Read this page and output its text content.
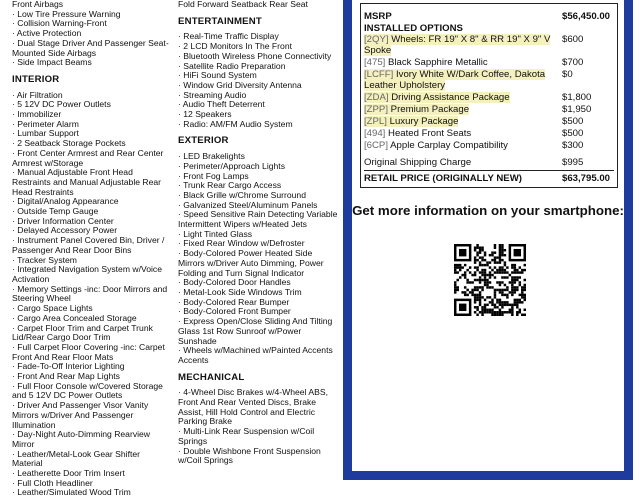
Front Airbags
· Low Tire Pressure Warning
· Collision Warning-Front
· Active Protection
· Dual Stage Driver And Passenger Seat-Mounted Side Airbags
· Side Impact Beams
INTERIOR
· Air Filtration
· 5 12V DC Power Outlets
· Immobilizer
· Perimeter Alarm
· Lumbar Support
· 2 Seatback Storage Pockets
· Front Center Armrest and Rear Center Armrest w/Storage
· Manual Adjustable Front Head Restraints and Manual Adjustable Rear Head Restraints
· Digital/Analog Appearance
· Outside Temp Gauge
· Driver Information Center
· Delayed Accessory Power
· Instrument Panel Covered Bin, Driver / Passenger And Rear Door Bins
· Tracker System
· Integrated Navigation System w/Voice Activation
· Memory Settings -inc: Door Mirrors and Steering Wheel
· Cargo Space Lights
· Cargo Area Concealed Storage
· Carpet Floor Trim and Carpet Trunk Lid/Rear Cargo Door Trim
· Full Carpet Floor Covering -inc: Carpet Front And Rear Floor Mats
· Fade-To-Off Interior Lighting
· Front And Rear Map Lights
· Full Floor Console w/Covered Storage and 5 12V DC Power Outlets
· Driver And Passenger Visor Vanity Mirrors w/Driver And Passenger Illumination
· Day-Night Auto-Dimming Rearview Mirror
· Leather/Metal-Look Gear Shifter Material
· Leatherette Door Trim Insert
· Full Cloth Headliner
· Leather/Simulated Wood Trim
Fold Forward Seatback Rear Seat
ENTERTAINMENT
· Real-Time Traffic Display
· 2 LCD Monitors In The Front
· Bluetooth Wireless Phone Connectivity
· Satellite Radio Preparation
· HiFi Sound System
· Window Grid Diversity Antenna
· Streaming Audio
· Audio Theft Deterrent
· 12 Speakers
· Radio: AM/FM Audio System
EXTERIOR
· LED Brakelights
· Perimeter/Approach Lights
· Front Fog Lamps
· Trunk Rear Cargo Access
· Black Grille w/Chrome Surround
· Galvanized Steel/Aluminum Panels
· Speed Sensitive Rain Detecting Variable Intermittent Wipers w/Heated Jets
· Light Tinted Glass
· Fixed Rear Window w/Defroster
· Body-Colored Power Heated Side Mirrors w/Driver Auto Dimming, Power Folding and Turn Signal Indicator
· Body-Colored Door Handles
· Metal-Look Side Windows Trim
· Body-Colored Rear Bumper
· Body-Colored Front Bumper
· Express Open/Close Sliding And Tilting Glass 1st Row Sunroof w/Power Sunshade
· Wheels w/Machined w/Painted Accents Accents
MECHANICAL
· 4-Wheel Disc Brakes w/4-Wheel ABS, Front And Rear Vented Discs, Brake Assist, Hill Hold Control and Electric Parking Brake
· Multi-Link Rear Suspension w/Coil Springs
· Double Wishbone Front Suspension w/Coil Springs
MSRP	$56,450.00
INSTALLED OPTIONS
[2QY] Wheels: FR 19" X 8" & RR 19" X 9" V Spoke
$600
[475] Black Sapphire Metallic	$700
[LCFF] Ivory White W/Dark Coffee, Dakota Leather Upholstery
$0
[ZDA] Driving Assistance Package	$1,800
[ZPP] Premium Package	$1,950
[ZPL] Luxury Package	$500
[494] Heated Front Seats	$500
[6CP] Apple Carplay Compatibility	$300
Original Shipping Charge	$995
RETAIL PRICE (ORIGINALLY NEW)	$63,795.00
Get more information on your smartphone:
